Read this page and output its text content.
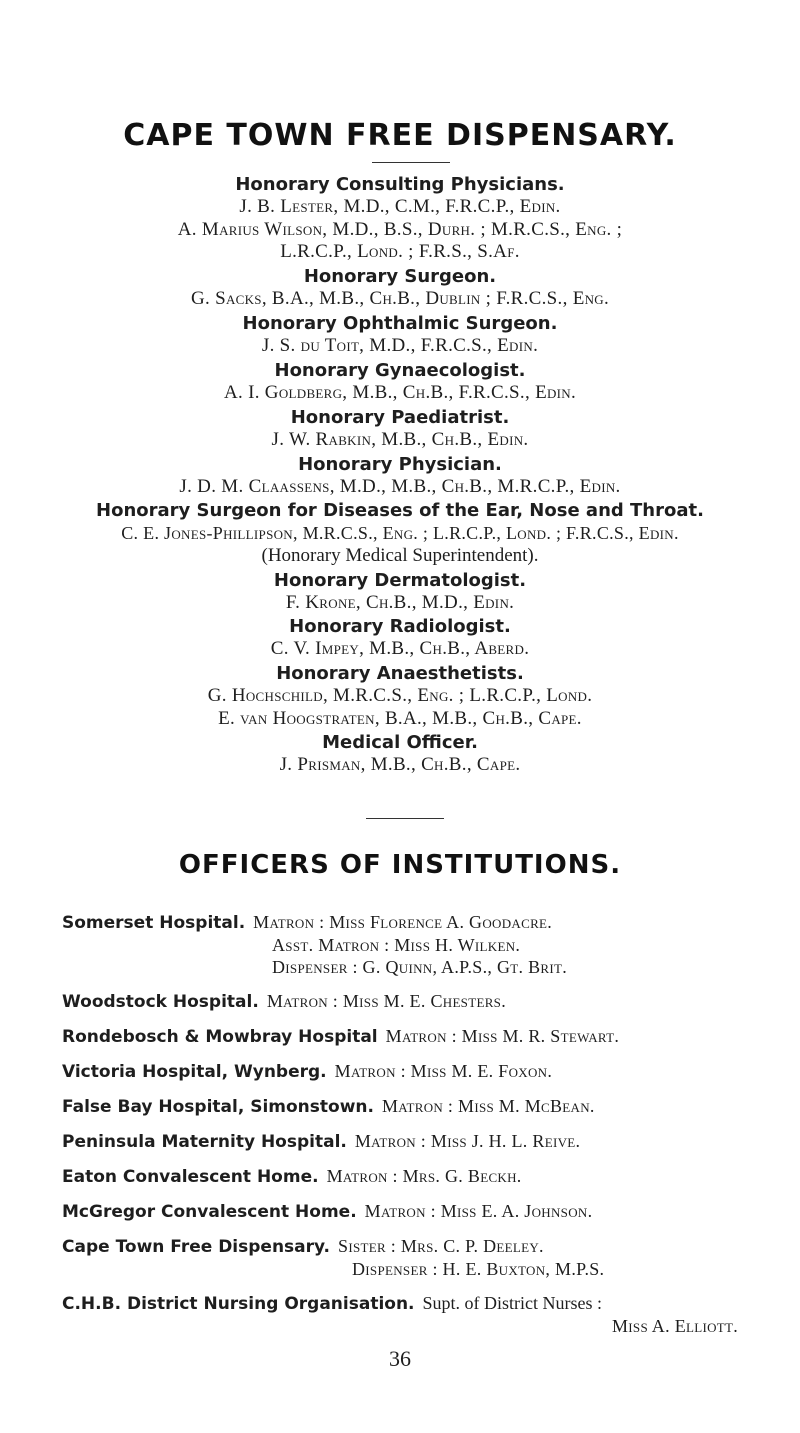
CAPE TOWN FREE DISPENSARY.
Honorary Consulting Physicians.
J. B. Lester, M.D., C.M., F.R.C.P., Edin.
A. Marius Wilson, M.D., B.S., Durh. ; M.R.C.S., Eng. ;
L.R.C.P., Lond. ; F.R.S., S.Af.
Honorary Surgeon.
G. Sacks, B.A., M.B., Ch.B., Dublin ; F.R.C.S., Eng.
Honorary Ophthalmic Surgeon.
J. S. du Toit, M.D., F.R.C.S., Edin.
Honorary Gynaecologist.
A. I. Goldberg, M.B., Ch.B., F.R.C.S., Edin.
Honorary Paediatrist.
J. W. Rabkin, M.B., Ch.B., Edin.
Honorary Physician.
J. D. M. Claassens, M.D., M.B., Ch.B., M.R.C.P., Edin.
Honorary Surgeon for Diseases of the Ear, Nose and Throat.
C. E. Jones-Phillipson, M.R.C.S., Eng. ; L.R.C.P., Lond. ; F.R.C.S., Edin.
(Honorary Medical Superintendent).
Honorary Dermatologist.
F. Krone, Ch.B., M.D., Edin.
Honorary Radiologist.
C. V. Impey, M.B., Ch.B., Aberd.
Honorary Anaesthetists.
G. Hochschild, M.R.C.S., Eng. ; L.R.C.P., Lond.
E. van Hoogstraten, B.A., M.B., Ch.B., Cape.
Medical Officer.
J. Prisman, M.B., Ch.B., Cape.
OFFICERS OF INSTITUTIONS.
Somerset Hospital. Matron : Miss Florence A. Goodacre.
Asst. Matron : Miss H. Wilken.
Dispenser : G. Quinn, A.P.S., Gt. Brit.
Woodstock Hospital. Matron : Miss M. E. Chesters.
Rondebosch & Mowbray Hospital Matron : Miss M. R. Stewart.
Victoria Hospital, Wynberg. Matron : Miss M. E. Foxon.
False Bay Hospital, Simonstown. Matron : Miss M. McBean.
Peninsula Maternity Hospital. Matron : Miss J. H. L. Reive.
Eaton Convalescent Home. Matron : Mrs. G. Beckh.
McGregor Convalescent Home. Matron : Miss E. A. Johnson.
Cape Town Free Dispensary. Sister : Mrs. C. P. Deeley.
Dispenser : H. E. Buxton, M.P.S.
C.H.B. District Nursing Organisation. Supt. of District Nurses :
Miss A. Elliott.
36
